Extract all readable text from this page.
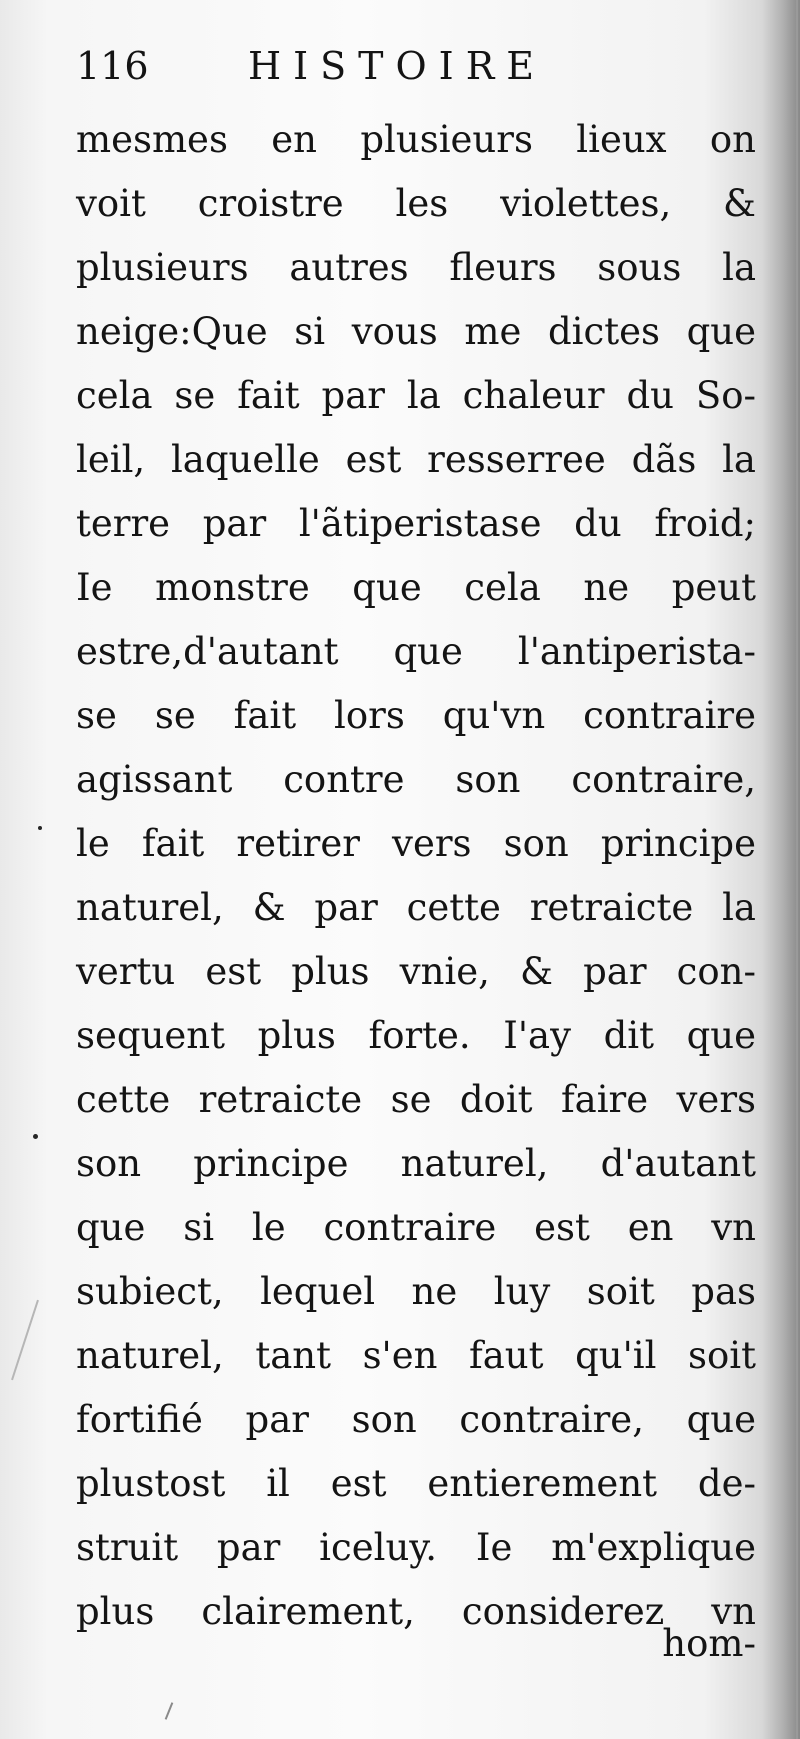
116	HISTOIRE
mesmes en plusieurs lieux on
voit croistre les violettes, &
plusieurs autres fleurs sous la
neige:Que si vous me dictes que
cela se fait par la chaleur du So-
leil, laquelle est resserree dãs la
terre par l'ãtiperistase du froid;
Ie monstre que cela ne peut
estre,d'autant que l'antiperista-
se se fait lors qu'vn contraire
agissant contre son contraire,
le fait retirer vers son principe
naturel, & par cette retraicte la
vertu est plus vnie, & par con-
sequent plus forte. I'ay dit que
cette retraicte se doit faire vers
son principe naturel, d'autant
que si le contraire est en vn
subiect, lequel ne luy soit pas
naturel, tant s'en faut qu'il soit
fortifié par son contraire, que
plustost il est entierement de-
struit par iceluy. Ie m'explique
plus clairement, considerez vn
hom-
